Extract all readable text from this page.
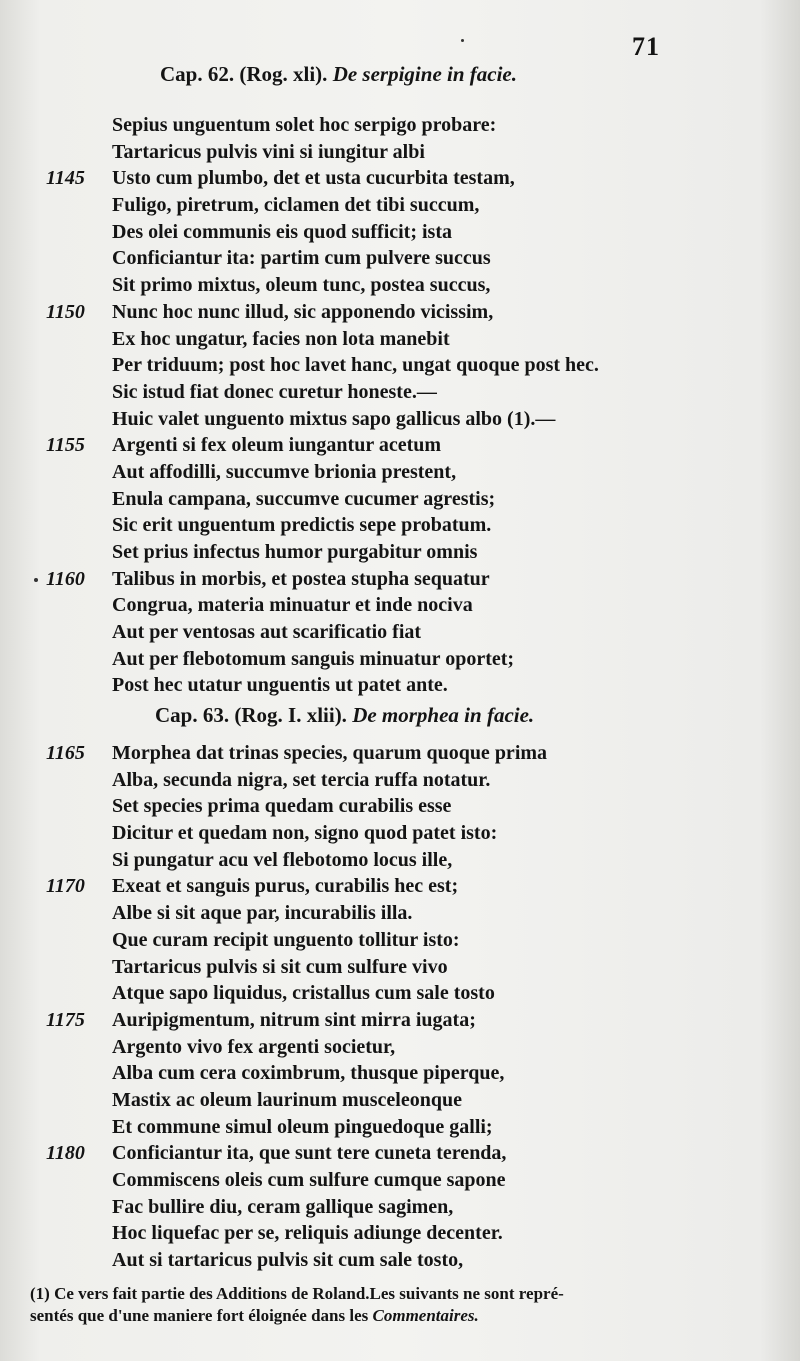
71
Cap. 62. (Rog. xli). De serpigine in facie.
Sepius unguentum solet hoc serpigo probare:
Tartaricus pulvis vini si iungitur albi
1145	Usto cum plumbo, det et usta cucurbita testam,
Fuligo, piretrum, ciclamen det tibi succum,
Des olei communis eis quod sufficit; ista
Conficiantur ita: partim cum pulvere succus
Sit primo mixtus, oleum tunc, postea succus,
1150	Nunc hoc nunc illud, sic apponendo vicissim,
Ex hoc ungatur, facies non lota manebit
Per triduum; post hoc lavet hanc, ungat quoque post hec.
Sic istud fiat donec curetur honeste.—
Huic valet unguento mixtus sapo gallicus albo (1).—
1155	Argenti si fex oleum iungantur acetum
Aut affodilli, succumve brionia prestent,
Enula campana, succumve cucumer agrestis;
Sic erit unguentum predictis sepe probatum.
Set prius infectus humor purgabitur omnis
1160	Talibus in morbis, et postea stupha sequatur
Congrua, materia minuatur et inde nociva
Aut per ventosas aut scarificatio fiat
Aut per flebotomum sanguis minuatur oportet;
Post hec utatur unguentis ut patet ante.
Cap. 63. (Rog. I. xlii). De morphea in facie.
1165	Morphea dat trinas species, quarum quoque prima
Alba, secunda nigra, set tercia ruffa notatur.
Set species prima quedam curabilis esse
Dicitur et quedam non, signo quod patet isto:
Si pungatur acu vel flebotomo locus ille,
1170	Exeat et sanguis purus, curabilis hec est;
Albe si sit aque par, incurabilis illa.
Que curam recipit unguento tollitur isto:
Tartaricus pulvis si sit cum sulfure vivo
Atque sapo liquidus, cristallus cum sale tosto
1175	Auripigmentum, nitrum sint mirra iugata;
Argento vivo fex argenti societur,
Alba cum cera coximbrum, thusque piperque,
Mastix ac oleum laurinum musceleonque
Et commune simul oleum pinguedoque galli;
1180	Conficiantur ita, que sunt tere cuneta terenda,
Commiscens oleis cum sulfure cumque sapone
Fac bullire diu, ceram gallique sagimen,
Hoc liquefac per se, reliquis adiunge decenter.
Aut si tartaricus pulvis sit cum sale tosto,
(1) Ce vers fait partie des Additions de Roland.Les suivants ne sont repré-
sentés que d'une maniere fort éloignée dans les Commentaires.
